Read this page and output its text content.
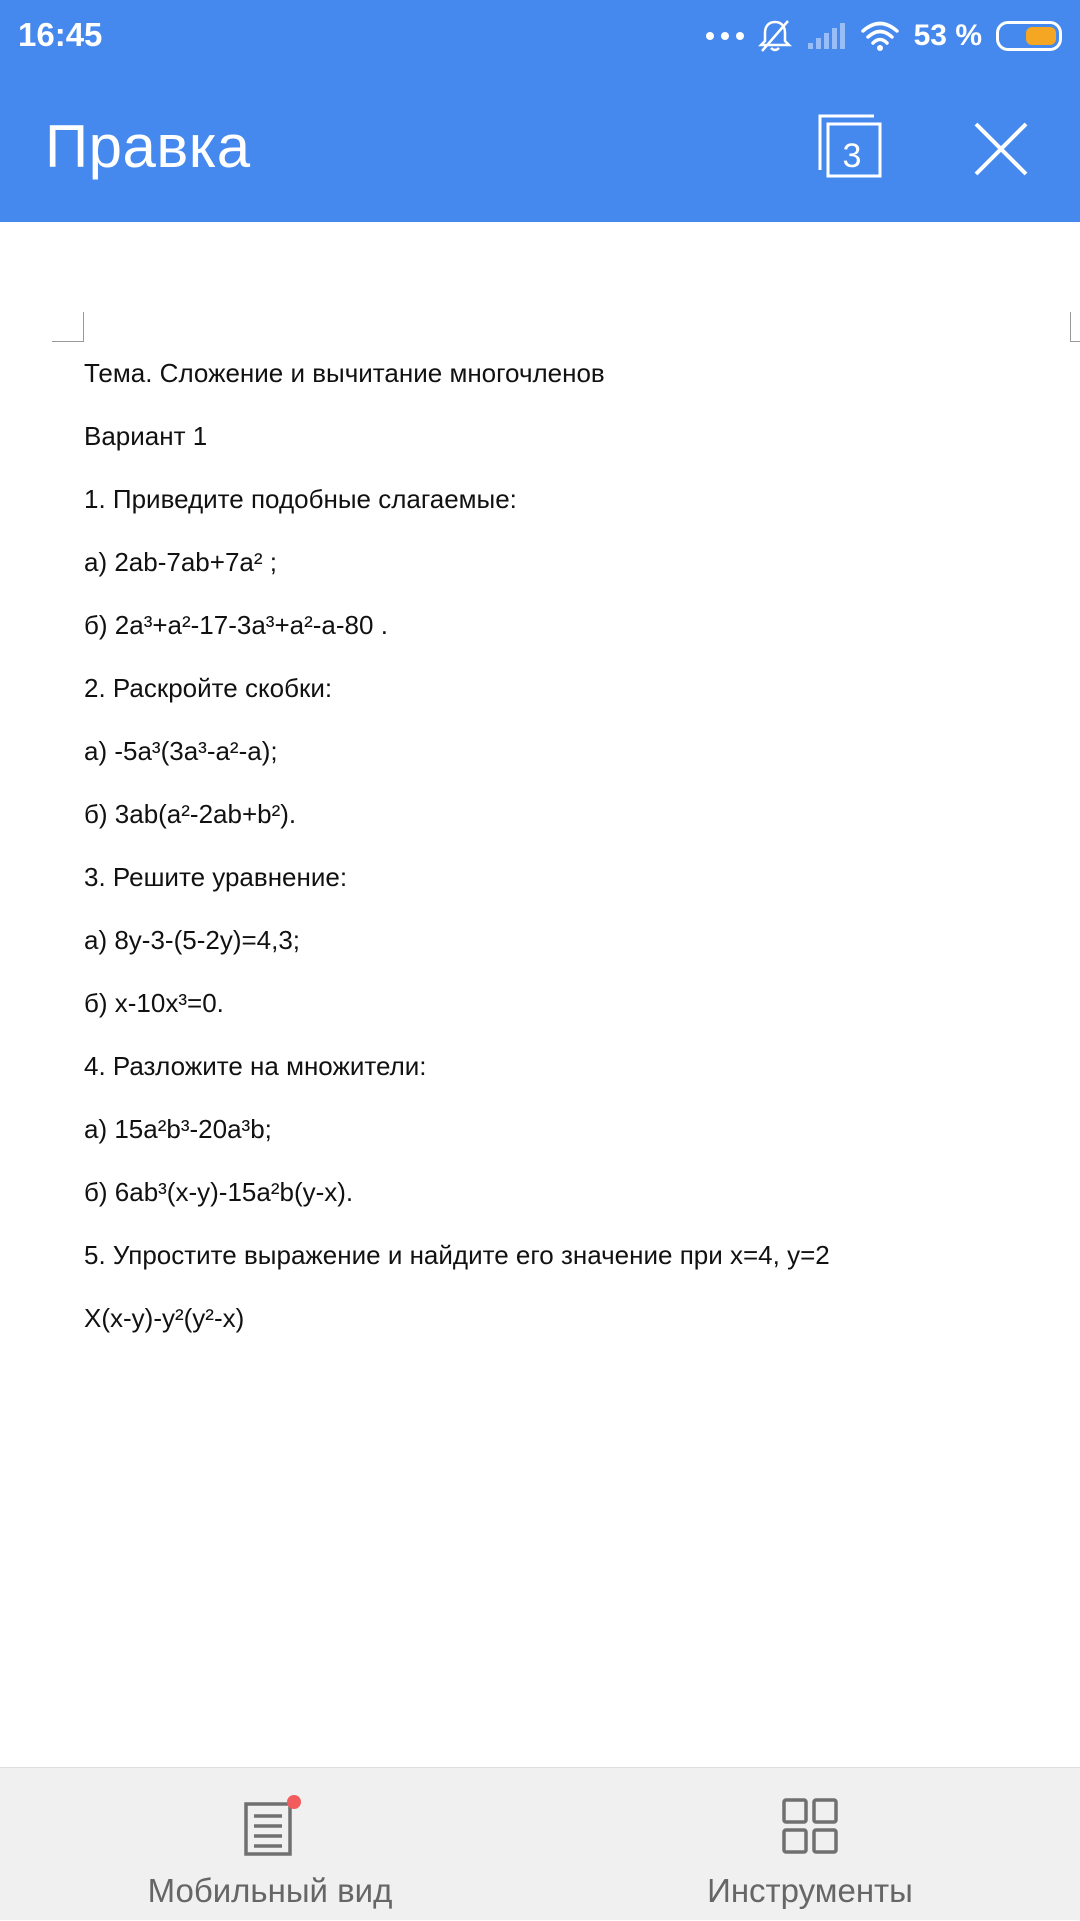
16:45	53 %
Правка	3
Тема. Сложение и вычитание многочленов
Вариант 1
1. Приведите подобные слагаемые:
а) 2ab-7ab+7a² ;
б) 2a³+a²-17-3a³+a²-a-80 .
2. Раскройте скобки:
а) -5a³(3a³-a²-a);
б) 3ab(a²-2ab+b²).
3. Решите уравнение:
а) 8у-3-(5-2у)=4,3;
б) х-10х³=0.
4. Разложите на множители:
а) 15a²b³-20a³b;
б) 6ab³(x-y)-15a²b(y-x).
5. Упростите выражение и найдите его значение при х=4, у=2
X(x-y)-y²(y²-x)
Мобильный вид	Инструменты
